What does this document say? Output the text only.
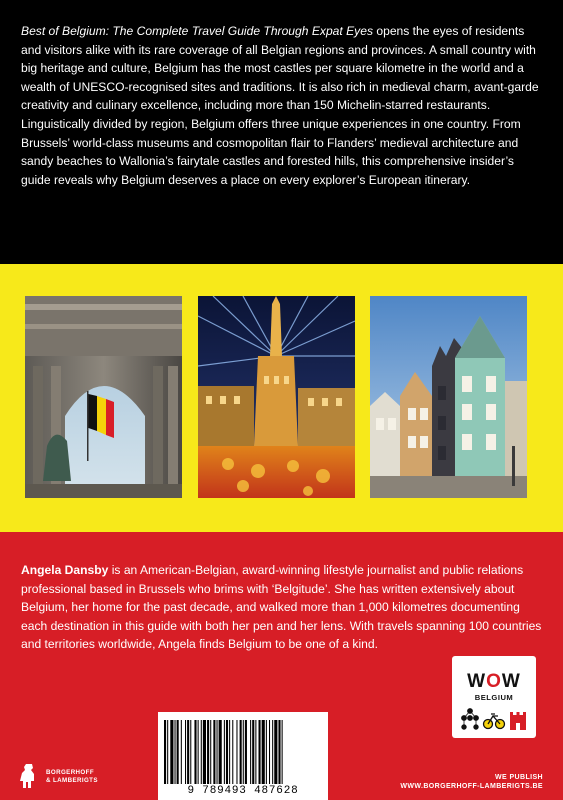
Best of Belgium: The Complete Travel Guide Through Expat Eyes opens the eyes of residents and visitors alike with its rare coverage of all Belgian regions and provinces. A small country with big heritage and culture, Belgium has the most castles per square kilometre in the world and a wealth of UNESCO-recognised sites and traditions. It is also rich in medieval charm, avant-garde creativity and culinary excellence, including more than 150 Michelin-starred restaurants. Linguistically divided by region, Belgium offers three unique experiences in one country. From Brussels’ world-class museums and cosmopolitan flair to Flanders’ medieval architecture and sandy beaches to Wallonia’s fairytale castles and forested hills, this comprehensive insider’s guide reveals why Belgium deserves a place on every explorer’s European itinerary.

Angela Dansby is an American-Belgian, award-winning lifestyle journalist and public relations professional based in Brussels who brims with ‘Belgitude’. She has written extensively about Belgium, her home for the past decade, and walked more than 1,000 kilometres documenting each destination in this guide with both her pen and her lens. With travels spanning 100 countries and territories worldwide, Angela finds Belgium to be one of a kind.

WOW
BELGIUM
9 789493 487628

BORGERHOFF
& LAMBERIGTS	WE PUBLISH
WWW.BORGERHOFF-LAMBERIGTS.BE
